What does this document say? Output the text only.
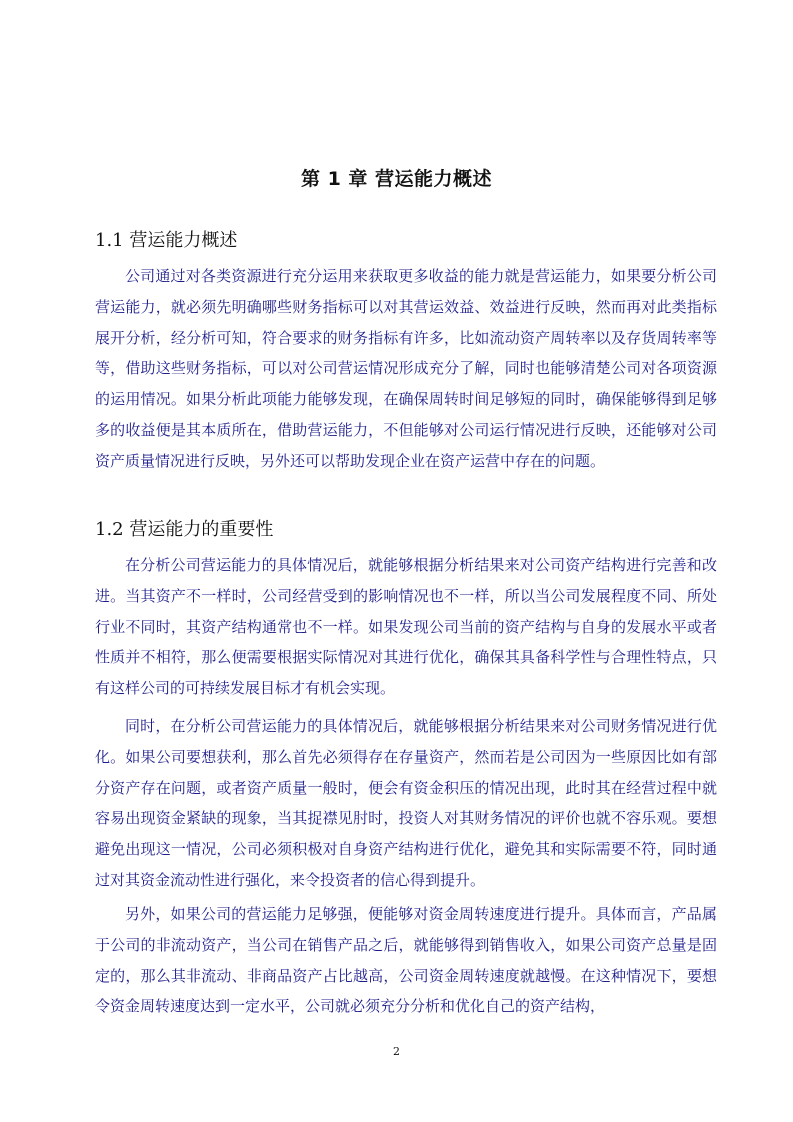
第 1 章 营运能力概述
1.1 营运能力概述

公司通过对各类资源进行充分运用来获取更多收益的能力就是营运能力，如果要分析公司营运能力，就必须先明确哪些财务指标可以对其营运效益、效益进行反映，然而再对此类指标展开分析，经分析可知，符合要求的财务指标有许多，比如流动资产周转率以及存货周转率等等，借助这些财务指标，可以对公司营运情况形成充分了解，同时也能够清楚公司对各项资源的运用情况。如果分析此项能力能够发现，在确保周转时间足够短的同时，确保能够得到足够多的收益便是其本质所在，借助营运能力，不但能够对公司运行情况进行反映，还能够对公司资产质量情况进行反映，另外还可以帮助发现企业在资产运营中存在的问题。

1.2 营运能力的重要性

在分析公司营运能力的具体情况后，就能够根据分析结果来对公司资产结构进行完善和改进。当其资产不一样时，公司经营受到的影响情况也不一样，所以当公司发展程度不同、所处行业不同时，其资产结构通常也不一样。如果发现公司当前的资产结构与自身的发展水平或者性质并不相符，那么便需要根据实际情况对其进行优化，确保其具备科学性与合理性特点，只有这样公司的可持续发展目标才有机会实现。

同时，在分析公司营运能力的具体情况后，就能够根据分析结果来对公司财务情况进行优化。如果公司要想获利，那么首先必须得存在存量资产，然而若是公司因为一些原因比如有部分资产存在问题，或者资产质量一般时，便会有资金积压的情况出现，此时其在经营过程中就容易出现资金紧缺的现象，当其捉襟见肘时，投资人对其财务情况的评价也就不容乐观。要想避免出现这一情况，公司必须积极对自身资产结构进行优化，避免其和实际需要不符，同时通过对其资金流动性进行强化，来令投资者的信心得到提升。

另外，如果公司的营运能力足够强，便能够对资金周转速度进行提升。具体而言，产品属于公司的非流动资产，当公司在销售产品之后，就能够得到销售收入，如果公司资产总量是固定的，那么其非流动、非商品资产占比越高，公司资金周转速度就越慢。在这种情况下，要想令资金周转速度达到一定水平，公司就必须充分分析和优化自己的资产结构，

2
